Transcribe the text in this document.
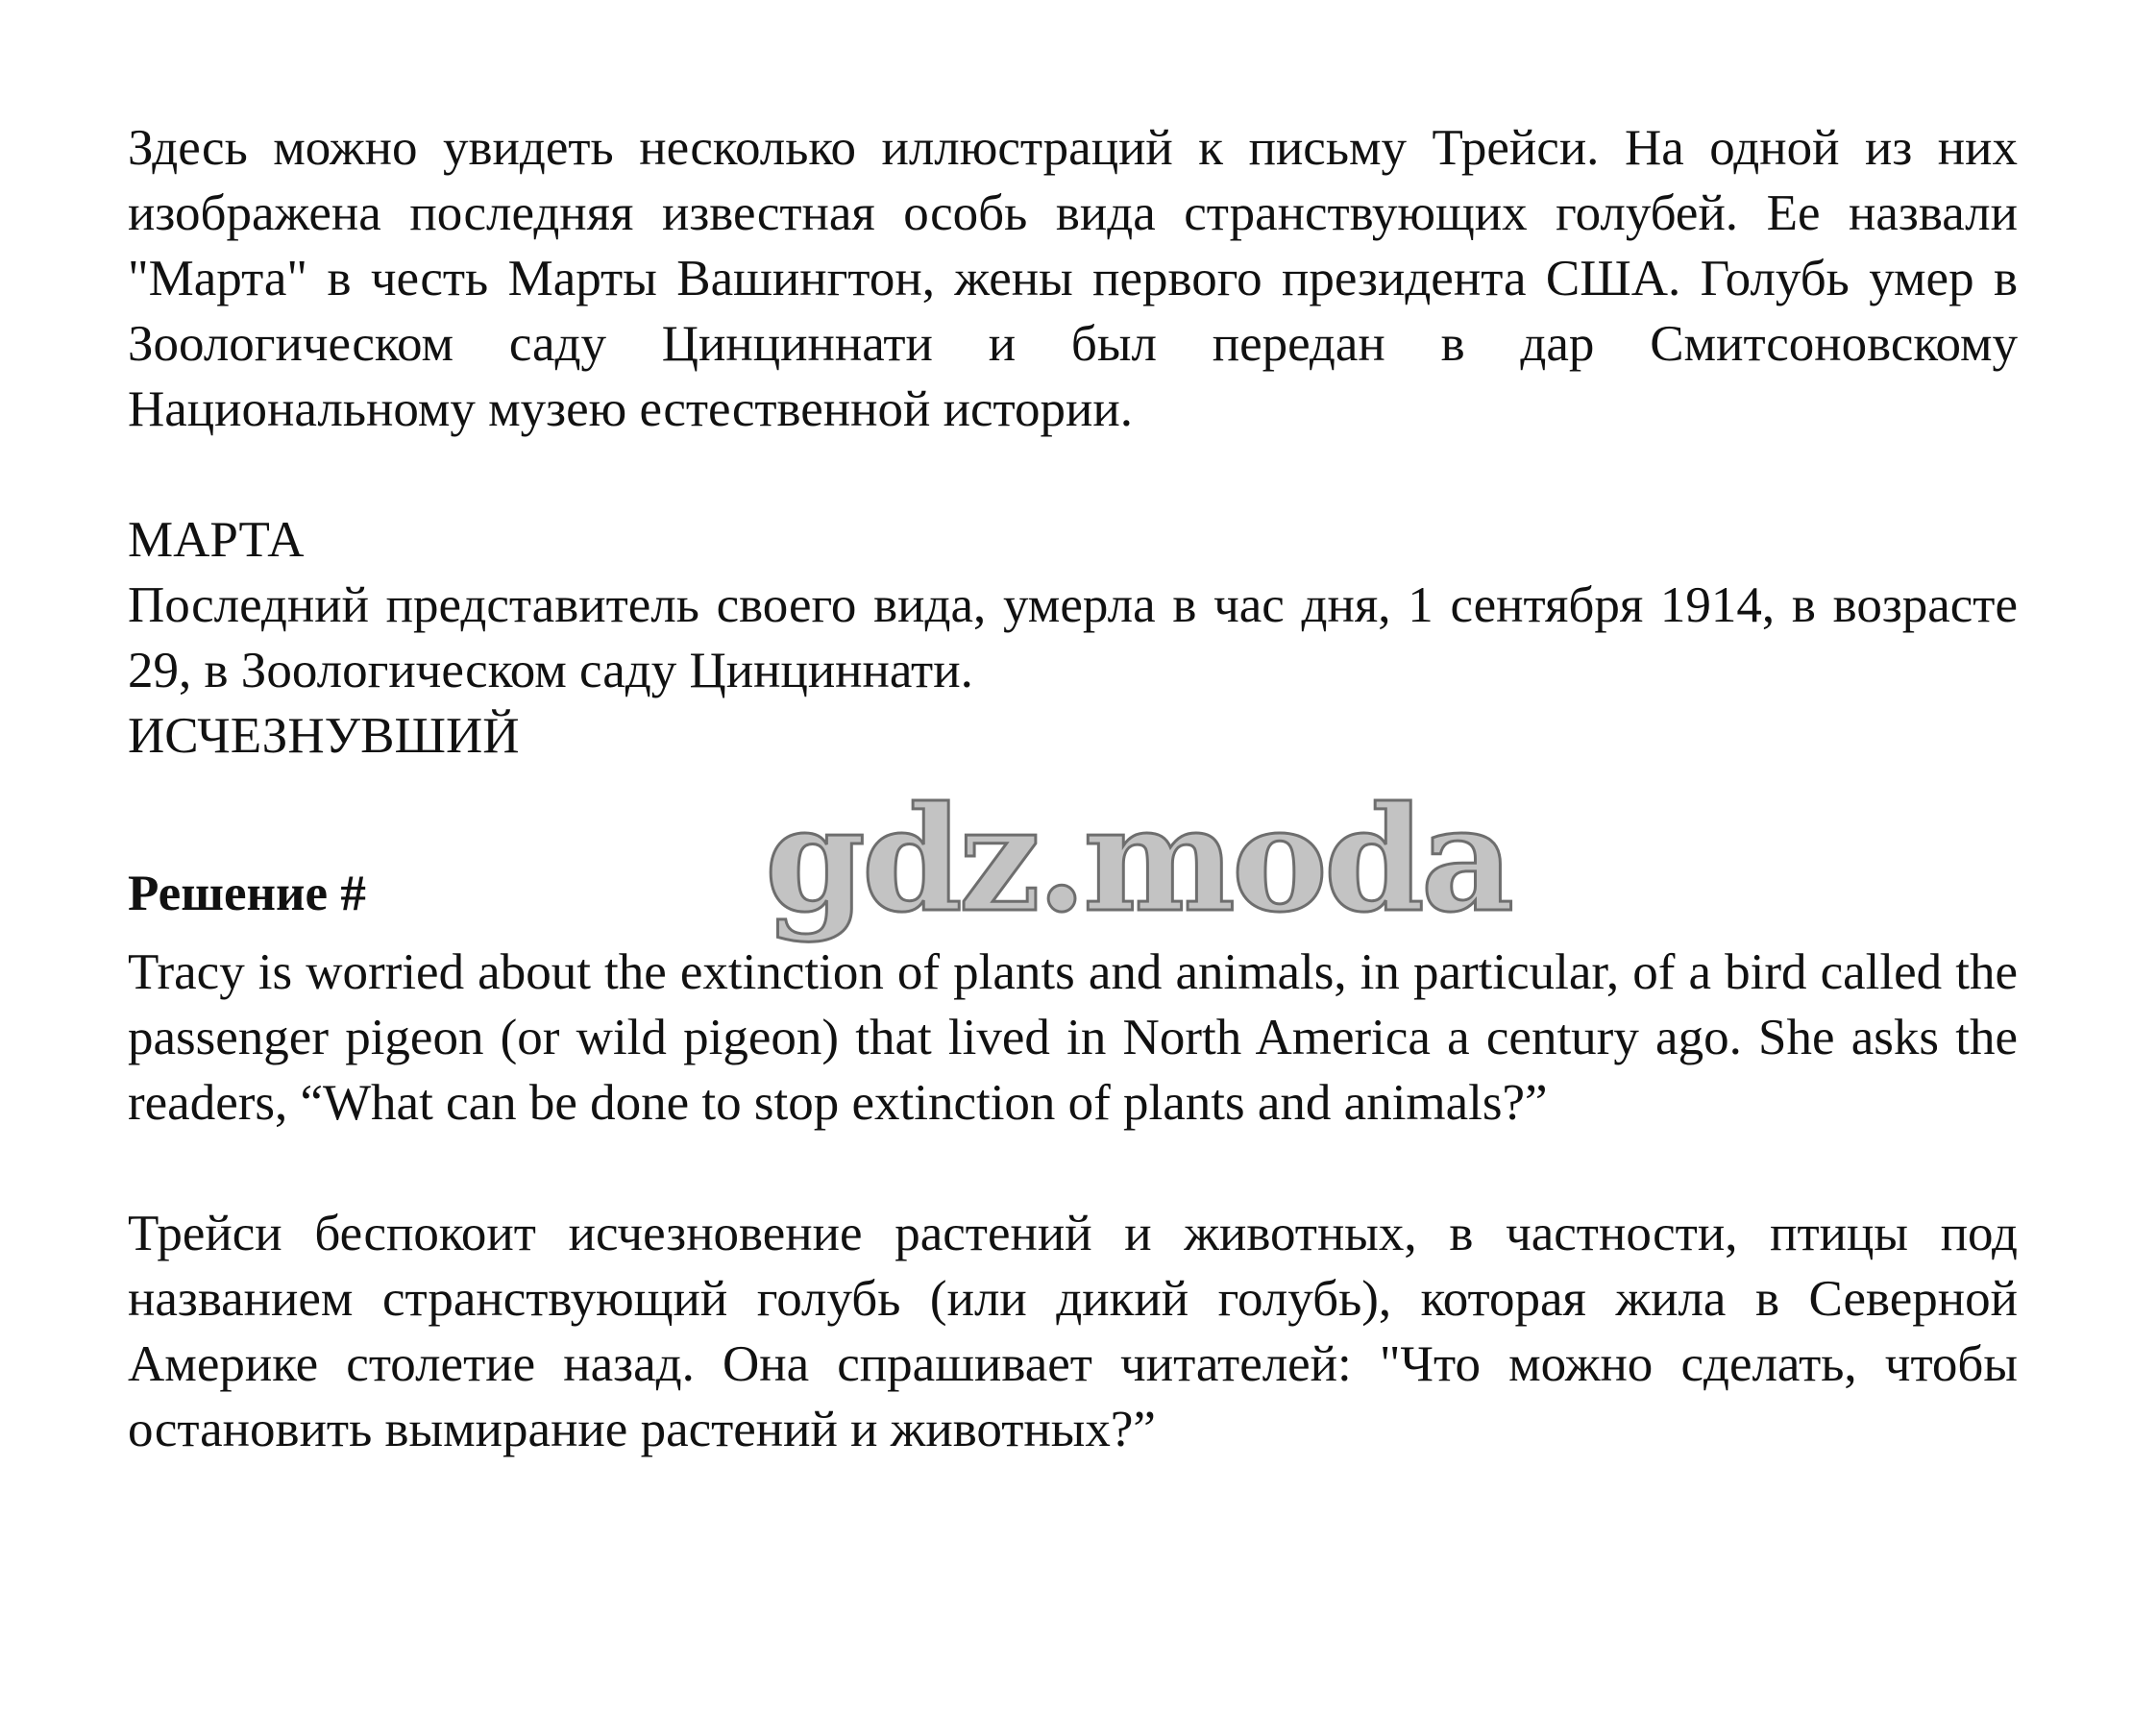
Здесь можно увидеть несколько иллюстраций к письму Трейси. На одной из них изображена последняя известная особь вида странствующих голубей. Ее назвали "Марта" в честь Марты Вашингтон, жены первого президента США. Голубь умер в Зоологическом саду Цинциннати и был передан в дар Смитсоновскому Национальному музею естественной истории.

МАРТА

Последний представитель своего вида, умерла в час дня, 1 сентября 1914, в возрасте 29, в Зоологическом саду Цинциннати.

ИСЧЕЗНУВШИЙ
gdz.moda
Решение #

Tracy is worried about the extinction of plants and animals, in particular, of a bird called the passenger pigeon (or wild pigeon) that lived in North America a century ago. She asks the readers, “What can be done to stop extinction of plants and animals?”

Трейси беспокоит исчезновение растений и животных, в частности, птицы под названием странствующий голубь (или дикий голубь), которая жила в Северной Америке столетие назад. Она спрашивает читателей: "Что можно сделать, чтобы остановить вымирание растений и животных?”
